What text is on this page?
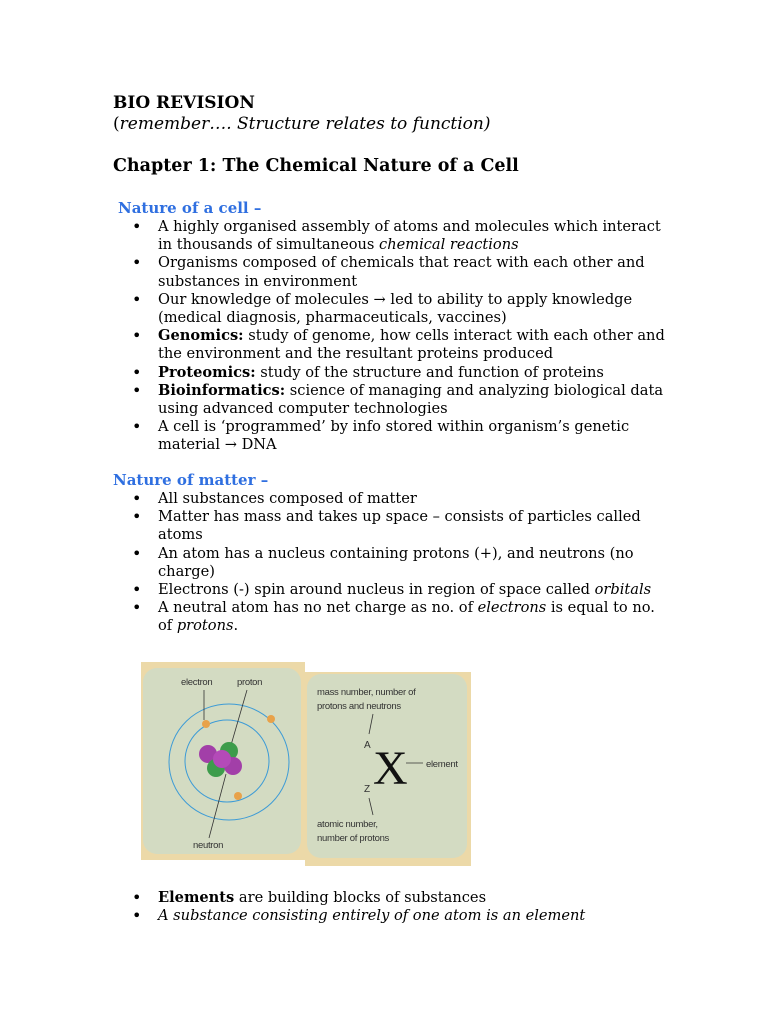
BIO REVISION
(remember…. Structure relates to function)
Chapter 1: The Chemical Nature of a Cell
Nature of a cell –
• A highly organised assembly of atoms and molecules which interact in thousands of simultaneous chemical reactions
• Organisms composed of chemicals that react with each other and substances in environment
• Our knowledge of molecules → led to ability to apply knowledge (medical diagnosis, pharmaceuticals, vaccines)
• Genomics: study of genome, how cells interact with each other and the environment and the resultant proteins produced
• Proteomics: study of the structure and function of proteins
• Bioinformatics: science of managing and analyzing biological data using advanced computer technologies
• A cell is ‘programmed’ by info stored within organism’s genetic material → DNA
Nature of matter –
• All substances composed of matter
• Matter has mass and takes up space – consists of particles called atoms
• An atom has a nucleus containing protons (+), and neutrons (no charge)
• Electrons (-) spin around nucleus in region of space called orbitals
• A neutral atom has no net charge as no. of electrons is equal to no. of protons.
electron	proton
neutron
mass number, number of
protons and neutrons
A X element
Z
atomic number,
number of protons
• Elements are building blocks of substances
• A substance consisting entirely of one atom is an element
